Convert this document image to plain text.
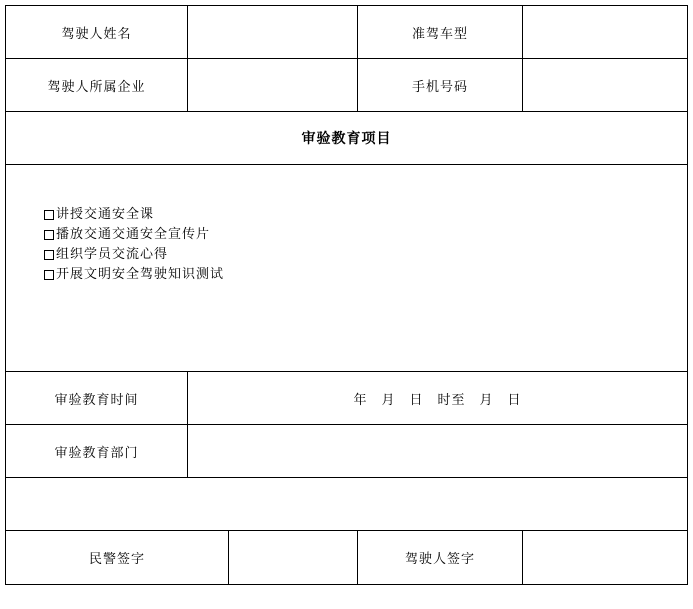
驾驶人姓名	准驾车型
驾驶人所属企业	手机号码
审验教育项目
讲授交通安全课
播放交通交通安全宣传片
组织学员交流心得
开展文明安全驾驶知识测试
审验教育时间	年 月 日 时至 月 日
审验教育部门
民警签字	驾驶人签字
